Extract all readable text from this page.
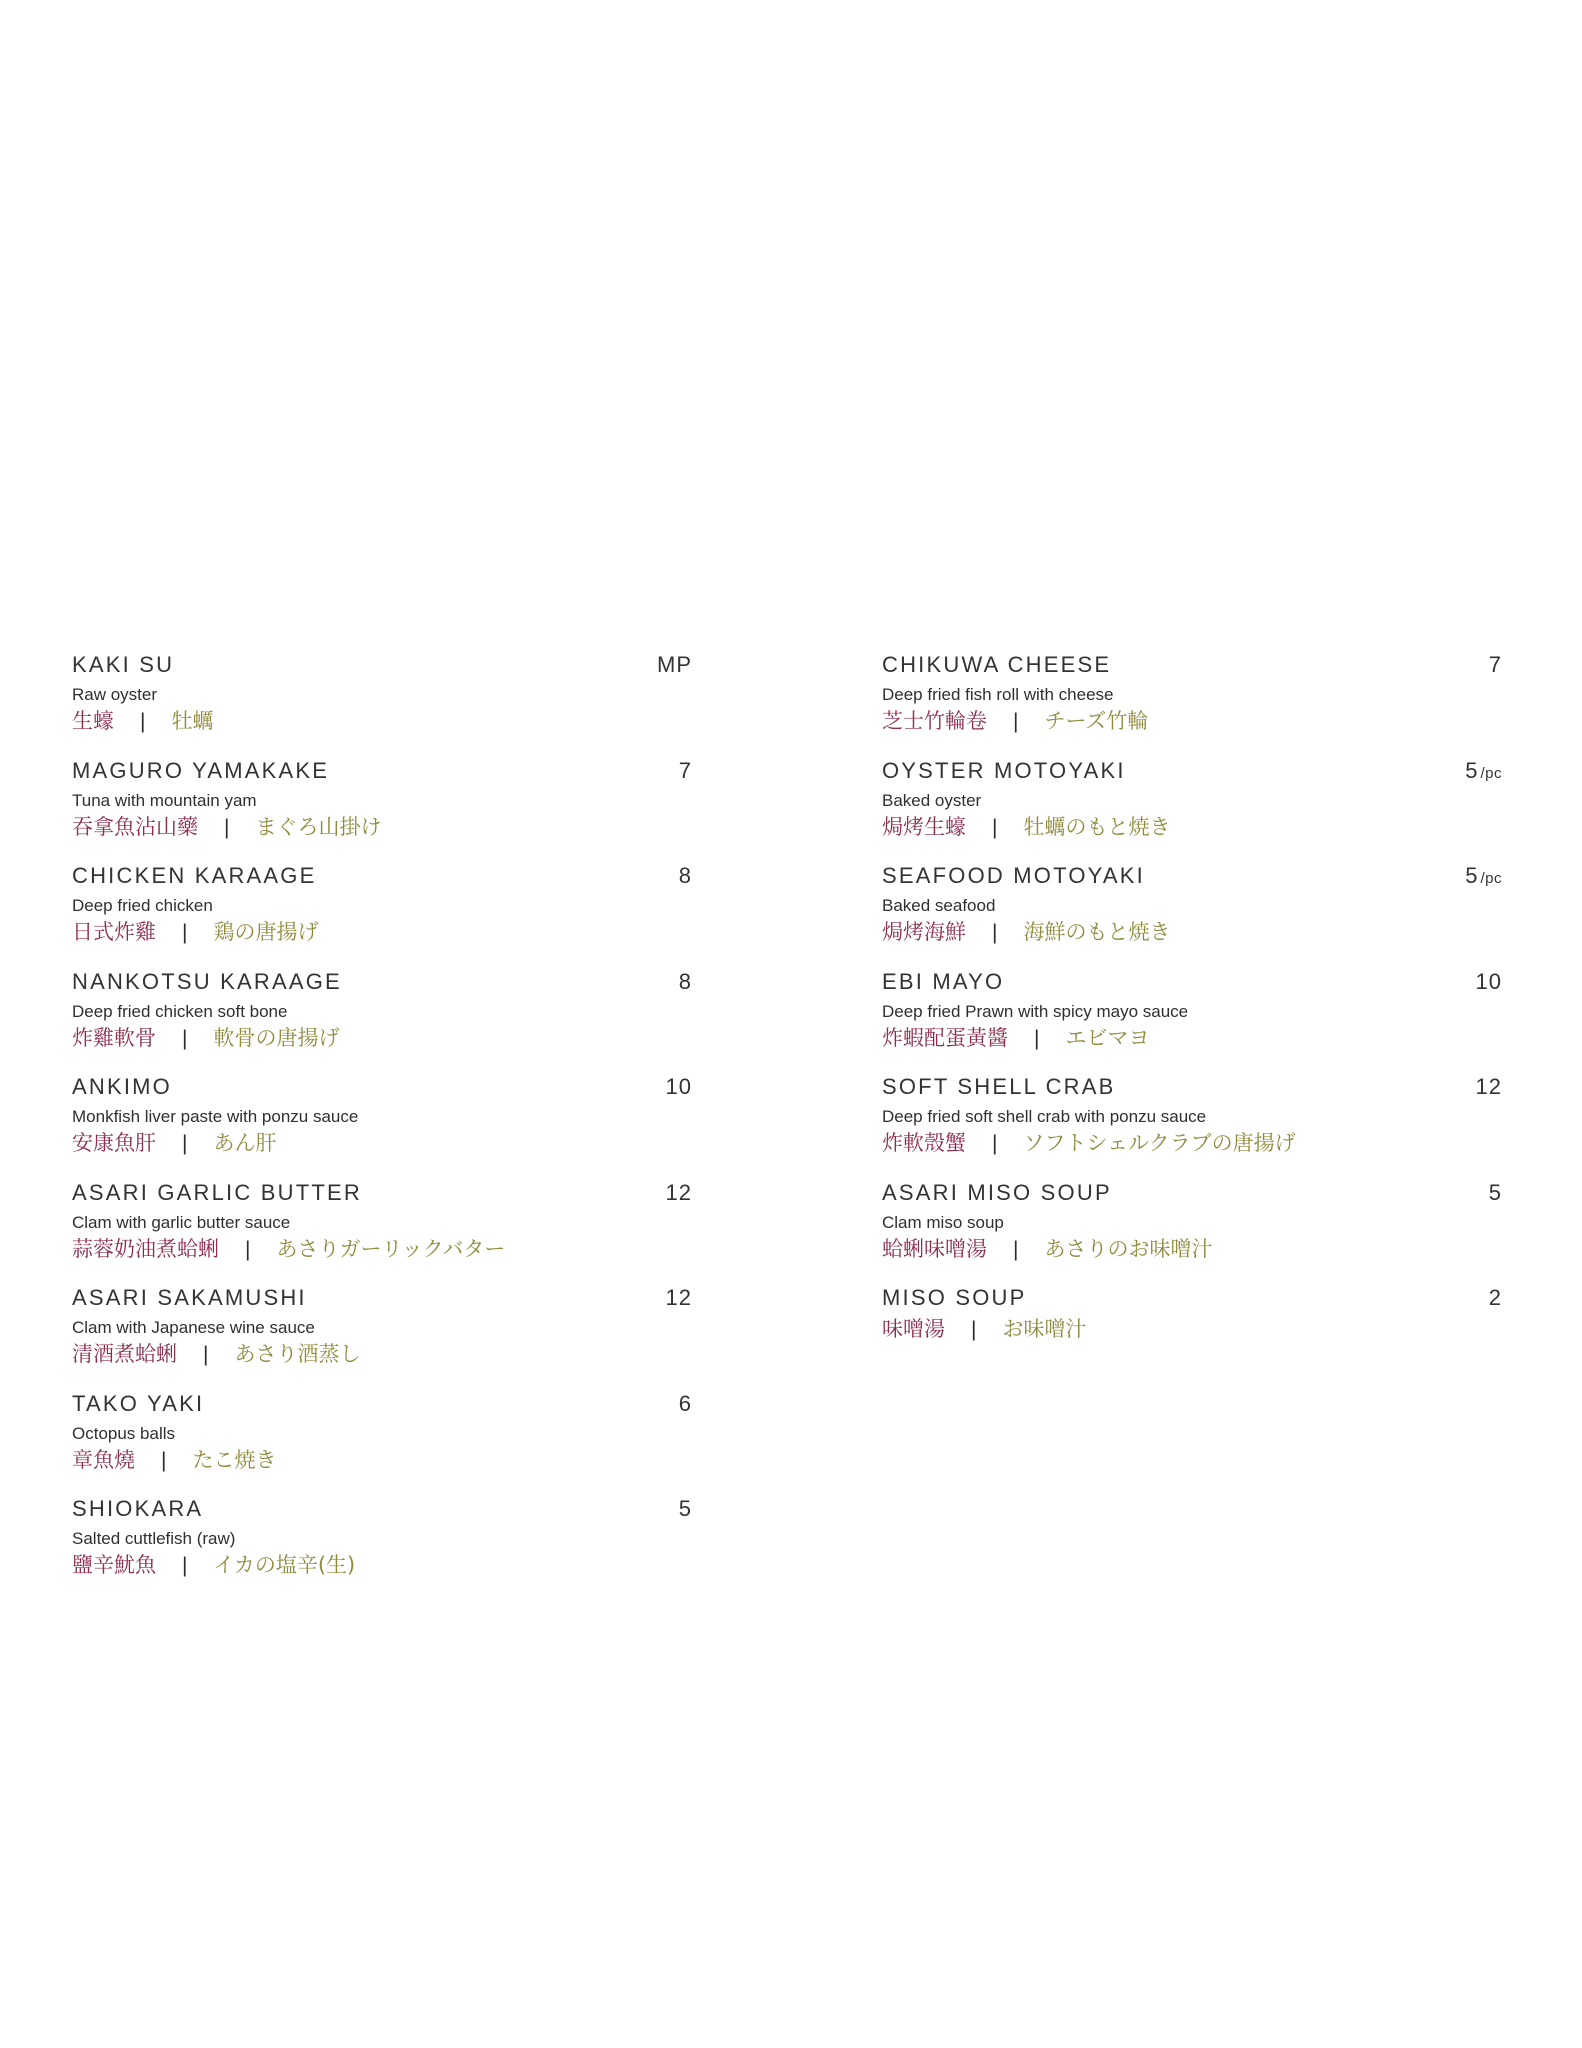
KAKI SU	MP
Raw oyster
生蠔 | 牡蠣
MAGURO YAMAKAKE	7
Tuna with mountain yam
吞拿魚沾山藥 | まぐろ山掛け
CHICKEN KARAAGE	8
Deep fried chicken
日式炸雞 | 鶏の唐揚げ
NANKOTSU KARAAGE	8
Deep fried chicken soft bone
炸雞軟骨 | 軟骨の唐揚げ
ANKIMO	10
Monkfish liver paste with ponzu sauce
安康魚肝 | あん肝
ASARI GARLIC BUTTER	12
Clam with garlic butter sauce
蒜蓉奶油煮蛤蜊 | あさりガーリックバター
ASARI SAKAMUSHI	12
Clam with Japanese wine sauce
清酒煮蛤蜊 | あさり酒蒸し
TAKO YAKI	6
Octopus balls
章魚燒 | たこ焼き
SHIOKARA	5
Salted cuttlefish (raw)
鹽辛魷魚 | イカの塩辛(生)
CHIKUWA CHEESE	7
Deep fried fish roll with cheese
芝士竹輪卷 | チーズ竹輪
OYSTER MOTOYAKI	5 /pc
Baked oyster
焗烤生蠔 | 牡蠣のもと焼き
SEAFOOD MOTOYAKI	5 /pc
Baked seafood
焗烤海鮮 | 海鮮のもと焼き
EBI MAYO	10
Deep fried Prawn with spicy mayo sauce
炸蝦配蛋黃醬 | エビマヨ
SOFT SHELL CRAB	12
Deep fried soft shell crab with ponzu sauce
炸軟殼蟹 | ソフトシェルクラブの唐揚げ
ASARI MISO SOUP	5
Clam miso soup
蛤蜊味噌湯 | あさりのお味噌汁
MISO SOUP	2
味噌湯 | お味噌汁
